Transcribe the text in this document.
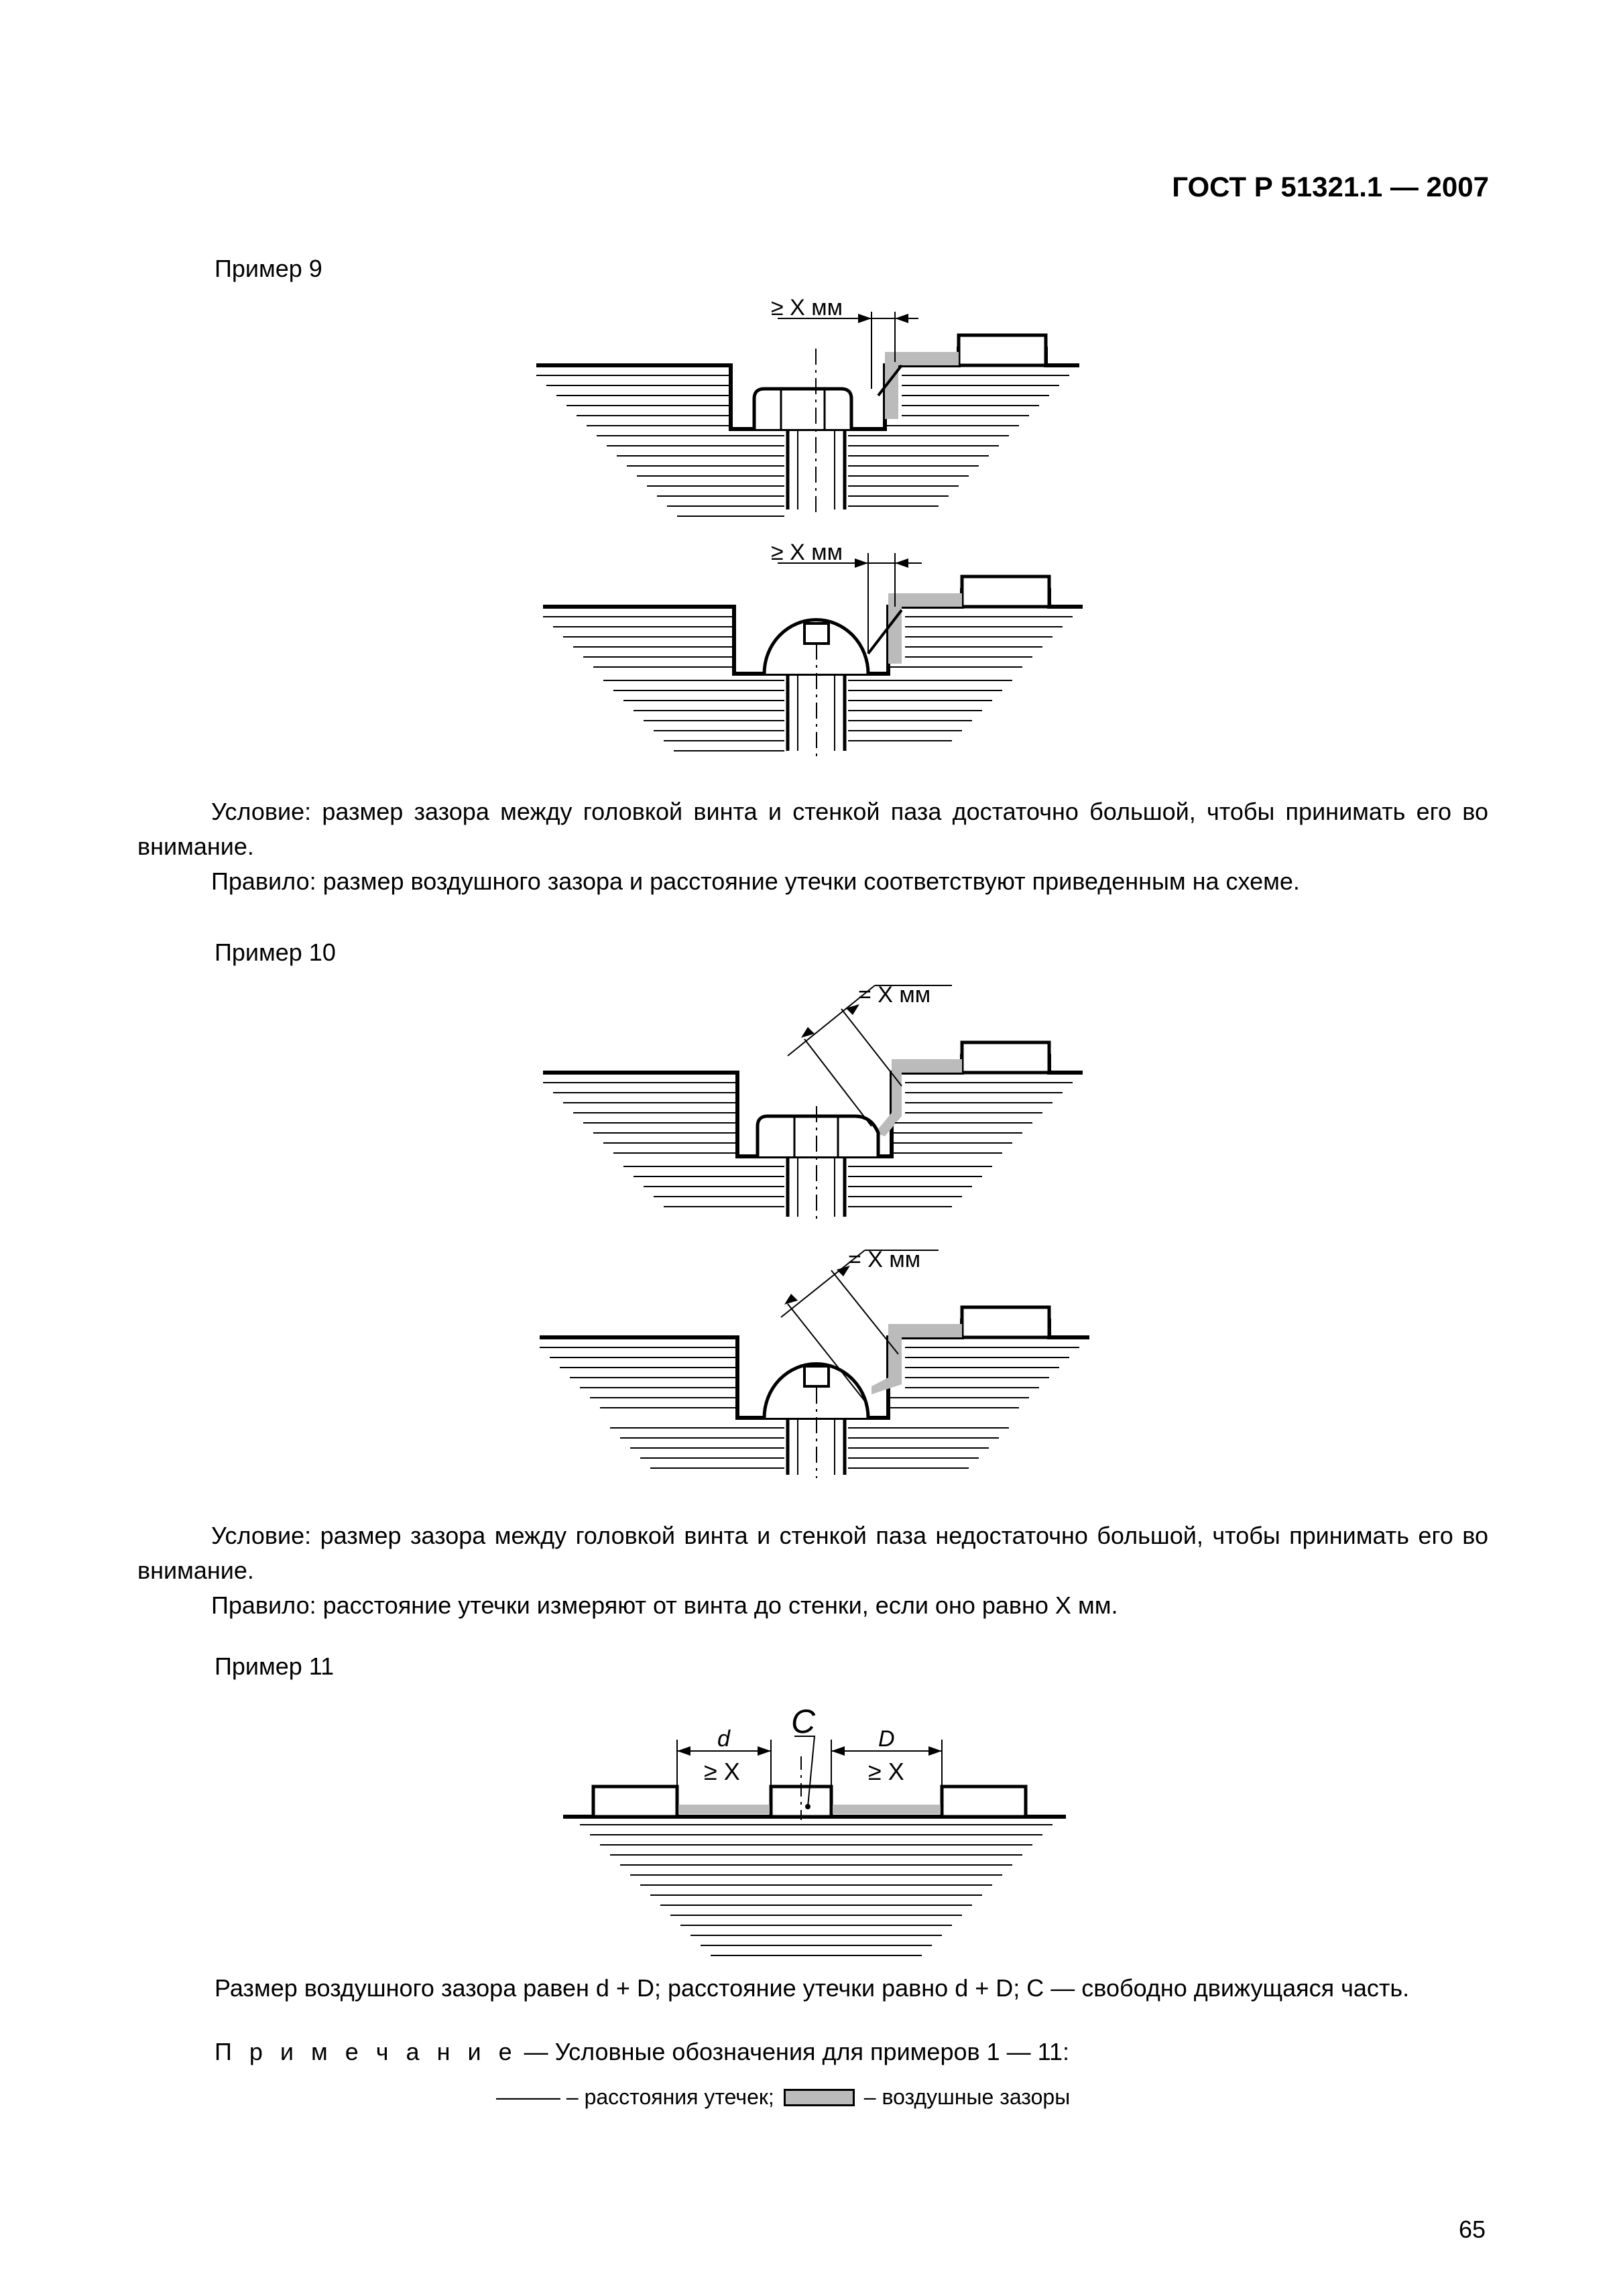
ГОСТ Р 51321.1 — 2007
Пример 9
Пример 10
Пример 11
≥ X мм
≥ X мм
= X мм
= X мм
C
d	D
≥ X	≥ X

Условие: размер зазора между головкой винта и стенкой паза достаточно большой, чтобы принимать его во внимание.

Правило: размер воздушного зазора и расстояние утечки соответствуют приведенным на схеме.

Условие: размер зазора между головкой винта и стенкой паза недостаточно большой, чтобы принимать его во внимание.

Правило: расстояние утечки измеряют от винта до стенки, если оно равно X мм.

Размер воздушного зазора равен d + D; расстояние утечки равно d + D; C — свободно движущаяся часть.
П р и м е ч а н и е — Условные обозначения для примеров 1 — 11:
——— – расстояния утечек;	– воздушные зазоры
65
